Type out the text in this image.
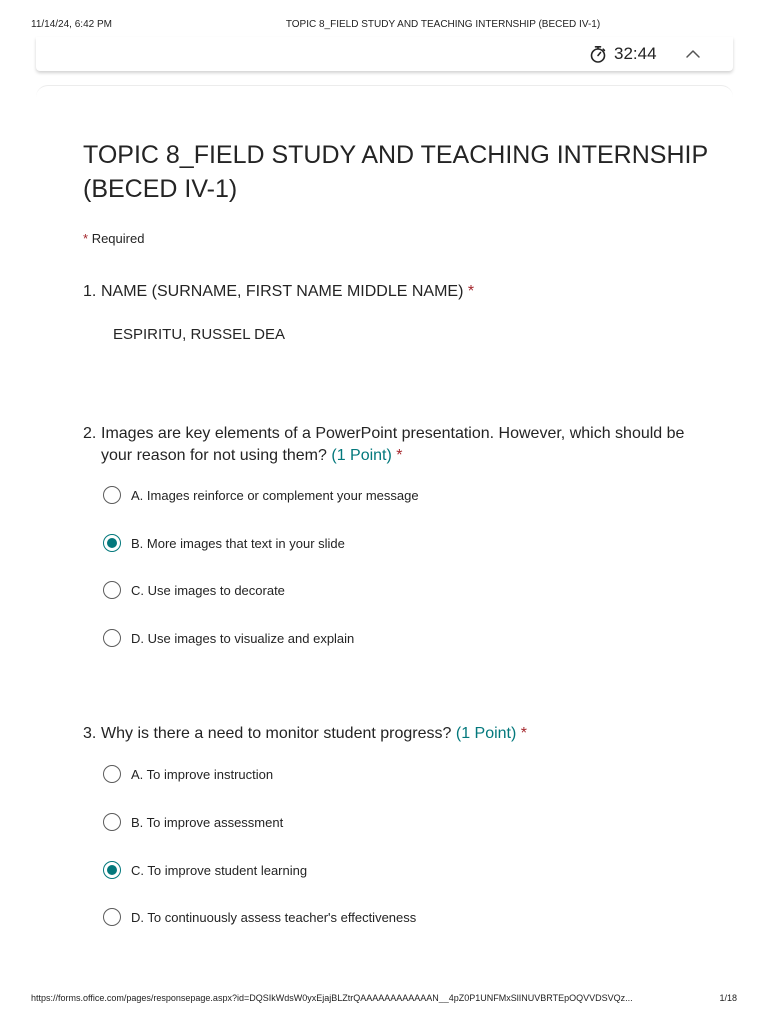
11/14/24, 6:42 PM	TOPIC 8_FIELD STUDY AND TEACHING INTERNSHIP (BECED IV-1)
32:44
TOPIC 8_FIELD STUDY AND TEACHING INTERNSHIP (BECED IV-1)
* Required
1. NAME (SURNAME, FIRST NAME MIDDLE NAME) *
ESPIRITU, RUSSEL DEA
2. Images are key elements of a PowerPoint presentation. However, which should be your reason for not using them? (1 Point) *
A. Images reinforce or complement your message
B. More images that text in your slide
C. Use images to decorate
D. Use images to visualize and explain
3. Why is there a need to monitor student progress? (1 Point) *
A. To improve instruction
B. To improve assessment
C. To improve student learning
D. To continuously assess teacher's effectiveness
https://forms.office.com/pages/responsepage.aspx?id=DQSIkWdsW0yxEjajBLZtrQAAAAAAAAAAAAN__4pZ0P1UNFMxSlINUVBRTEpOQVVDSVQz...	1/18
